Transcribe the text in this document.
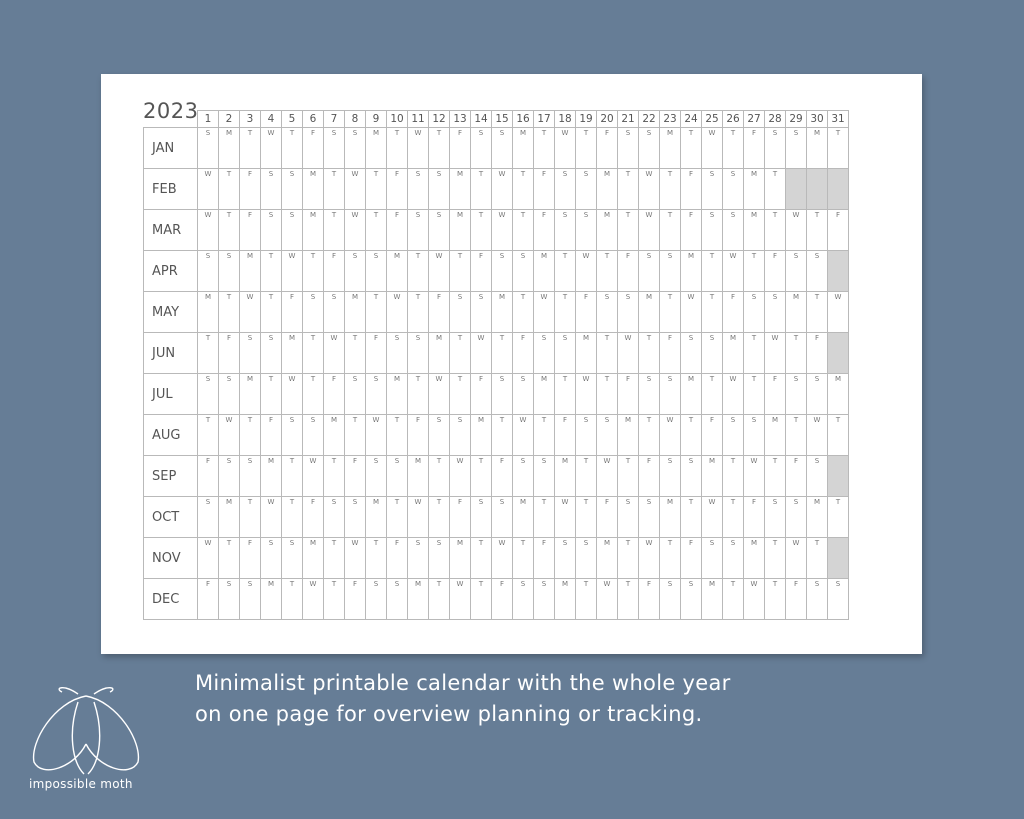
2023
	1	2	3	4	5	6	7	8	9	10	11	12	13	14	15	16	17	18	19	20	21	22	23	24	25	26	27	28	29	30	31
JAN	S	M	T	W	T	F	S	S	M	T	W	T	F	S	S	M	T	W	T	F	S	S	M	T	W	T	F	S	S	M	T
FEB	W	T	F	S	S	M	T	W	T	F	S	S	M	T	W	T	F	S	S	M	T	W	T	F	S	S	M	T			
MAR	W	T	F	S	S	M	T	W	T	F	S	S	M	T	W	T	F	S	S	M	T	W	T	F	S	S	M	T	W	T	F
APR	S	S	M	T	W	T	F	S	S	M	T	W	T	F	S	S	M	T	W	T	F	S	S	M	T	W	T	F	S	S	
MAY	M	T	W	T	F	S	S	M	T	W	T	F	S	S	M	T	W	T	F	S	S	M	T	W	T	F	S	S	M	T	W
JUN	T	F	S	S	M	T	W	T	F	S	S	M	T	W	T	F	S	S	M	T	W	T	F	S	S	M	T	W	T	F	
JUL	S	S	M	T	W	T	F	S	S	M	T	W	T	F	S	S	M	T	W	T	F	S	S	M	T	W	T	F	S	S	M
AUG	T	W	T	F	S	S	M	T	W	T	F	S	S	M	T	W	T	F	S	S	M	T	W	T	F	S	S	M	T	W	T
SEP	F	S	S	M	T	W	T	F	S	S	M	T	W	T	F	S	S	M	T	W	T	F	S	S	M	T	W	T	F	S	
OCT	S	M	T	W	T	F	S	S	M	T	W	T	F	S	S	M	T	W	T	F	S	S	M	T	W	T	F	S	S	M	T
NOV	W	T	F	S	S	M	T	W	T	F	S	S	M	T	W	T	F	S	S	M	T	W	T	F	S	S	M	T	W	T	
DEC	F	S	S	M	T	W	T	F	S	S	M	T	W	T	F	S	S	M	T	W	T	F	S	S	M	T	W	T	F	S	S
Minimalist printable calendar with the whole year
on one page for overview planning or tracking.
impossible moth
